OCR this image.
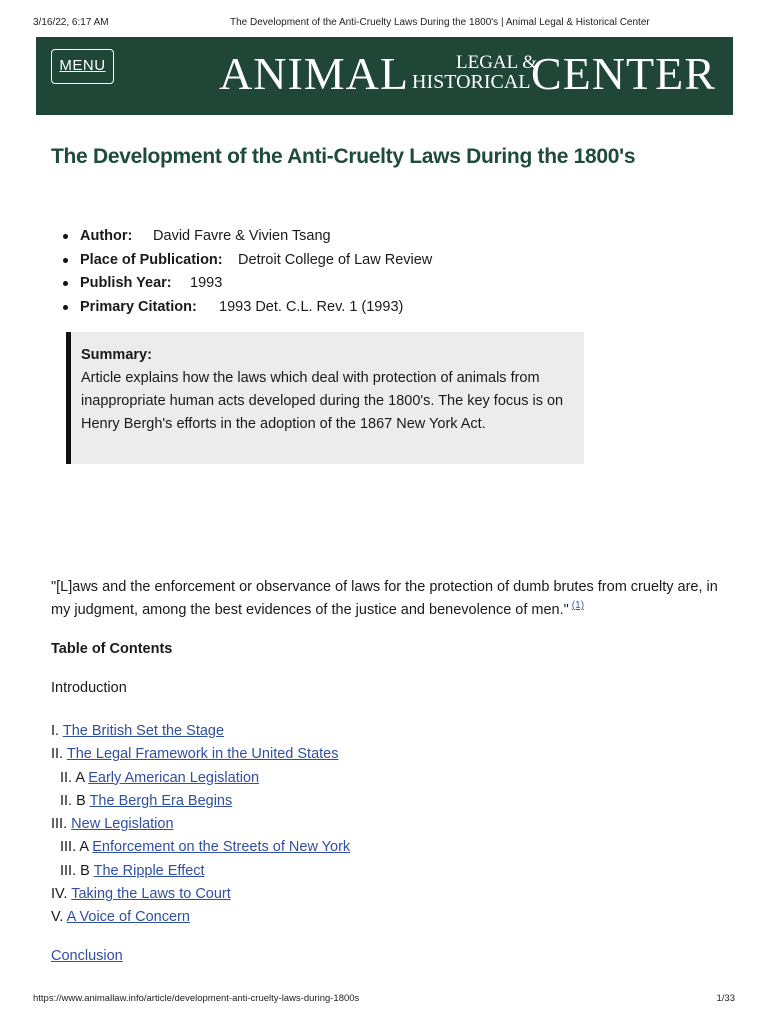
3/16/22, 6:17 AM	The Development of the Anti-Cruelty Laws During the 1800's | Animal Legal & Historical Center
MENU ANIMAL LEGAL &
HISTORICAL CENTER
The Development of the Anti-Cruelty Laws During the 1800's
Author: David Favre & Vivien Tsang
Place of Publication: Detroit College of Law Review
Publish Year: 1993
Primary Citation: 1993 Det. C.L. Rev. 1 (1993)
Summary:
Article explains how the laws which deal with protection of animals from inappropriate human acts developed during the 1800's. The key focus is on Henry Bergh's efforts in the adoption of the 1867 New York Act.

"[L]aws and the enforcement or observance of laws for the protection of dumb brutes from cruelty are, in my judgment, among the best evidences of the justice and benevolence of men." $^{(1)}$

Table of Contents
Introduction
I. The British Set the Stage
II. The Legal Framework in the United States
II. A Early American Legislation
II. B The Bergh Era Begins
III. New Legislation
III. A Enforcement on the Streets of New York
III. B The Ripple Effect
IV. Taking the Laws to Court
V. A Voice of Concern
Conclusion
https://www.animallaw.info/article/development-anti-cruelty-laws-during-1800s	1/33
